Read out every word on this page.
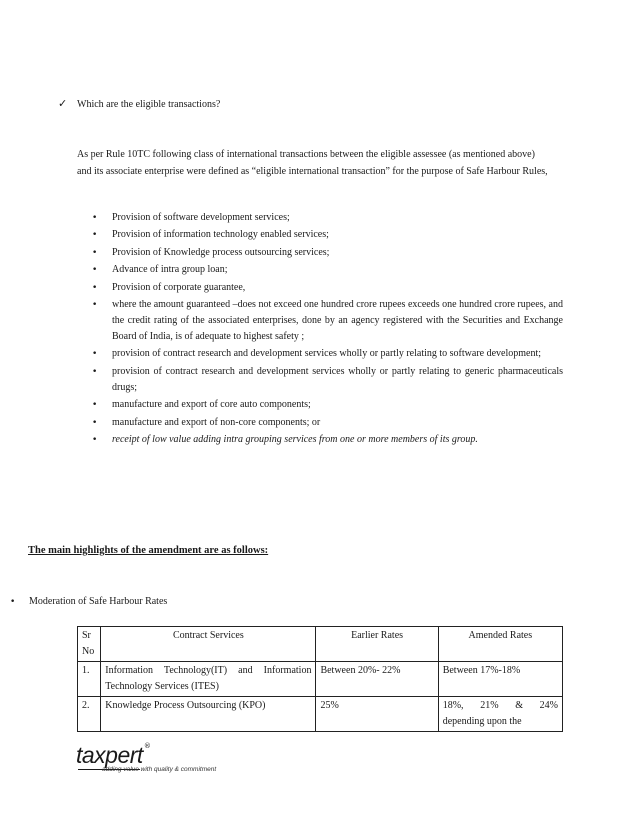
✓ Which are the eligible transactions?
As per Rule 10TC following class of international transactions between the eligible assessee (as mentioned above)
and its associate enterprise were defined as “eligible international transaction” for the purpose of Safe Harbour Rules,
• Provision of software development services;
• Provision of information technology enabled services;
• Provision of Knowledge process outsourcing services;
• Advance of intra group loan;
• Provision of corporate guarantee,
• where the amount guaranteed –does not exceed one hundred crore rupees exceeds one hundred crore rupees, and the credit rating of the associated enterprises, done by an agency registered with the Securities and Exchange Board of India, is of adequate to highest safety ;
• provision of contract research and development services wholly or partly relating to software development;
• provision of contract research and development services wholly or partly relating to generic pharmaceuticals drugs;
• manufacture and export of core auto components;
• manufacture and export of non-core components; or
• receipt of low value adding intra grouping services from one or more members of its group.
The main highlights of the amendment are as follows:
• Moderation of Safe Harbour Rates
Sr No	Contract Services	Earlier Rates	Amended Rates
1.	Information Technology(IT) and Information Technology Services (ITES)	Between 20%- 22%	Between 17%-18%
2.	Knowledge Process Outsourcing (KPO)	25%	18%, 21% & 24% depending upon the
taxpert®
adding value with quality & commitment
